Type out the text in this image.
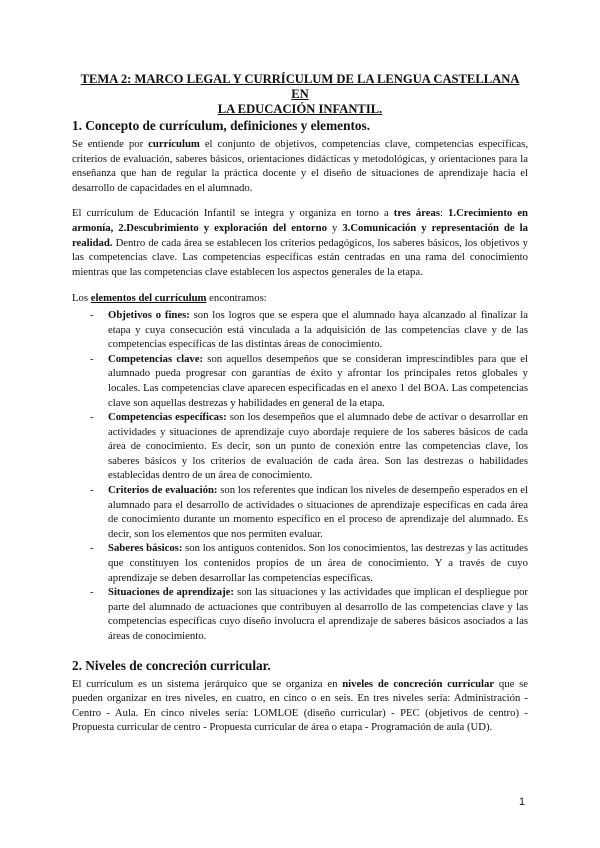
TEMA 2: MARCO LEGAL Y CURRÍCULUM DE LA LENGUA CASTELLANA EN
LA EDUCACIÓN INFANTIL.
1. Concepto de currículum, definiciones y elementos.

Se entiende por currículum el conjunto de objetivos, competencias clave, competencias específicas, criterios de evaluación, saberes básicos, orientaciones didácticas y metodológicas, y orientaciones para la enseñanza que han de regular la práctica docente y el diseño de situaciones de aprendizaje hacia el desarrollo de capacidades en el alumnado.

El currículum de Educación Infantil se integra y organiza en torno a tres áreas: 1.Crecimiento en armonía, 2.Descubrimiento y exploración del entorno y 3.Comunicación y representación de la realidad. Dentro de cada área se establecen los criterios pedagógicos, los saberes básicos, los objetivos y las competencias clave. Las competencias específicas están centradas en una rama del conocimiento mientras que las competencias clave establecen los aspectos generales de la etapa.

Los elementos del currículum encontramos:

- Objetivos o fines: son los logros que se espera que el alumnado haya alcanzado al finalizar la etapa y cuya consecución está vinculada a la adquisición de las competencias clave y de las competencias específicas de las distintas áreas de conocimiento.
- Competencias clave: son aquellos desempeños que se consideran imprescindibles para que el alumnado pueda progresar con garantías de éxito y afrontar los principales retos globales y locales. Las competencias clave aparecen especificadas en el anexo 1 del BOA. Las competencias clave son aquellas destrezas y habilidades en general de la etapa.
- Competencias específicas: son los desempeños que el alumnado debe de activar o desarrollar en actividades y situaciones de aprendizaje cuyo abordaje requiere de los saberes básicos de cada área de conocimiento. Es decir, son un punto de conexión entre las competencias clave, los saberes básicos y los criterios de evaluación de cada área. Son las destrezas o habilidades establecidas dentro de un área de conocimiento.
- Criterios de evaluación: son los referentes que indican los niveles de desempeño esperados en el alumnado para el desarrollo de actividades o situaciones de aprendizaje específicas en cada área de conocimiento durante un momento específico en el proceso de aprendizaje del alumnado. Es decir, son los elementos que nos permiten evaluar.
- Saberes básicos: son los antiguos contenidos. Son los conocimientos, las destrezas y las actitudes que constituyen los contenidos propios de un área de conocimiento. Y a través de cuyo aprendizaje se deben desarrollar las competencias específicas.
- Situaciones de aprendizaje: son las situaciones y las actividades que implican el despliegue por parte del alumnado de actuaciones que contribuyen al desarrollo de las competencias clave y las competencias específicas cuyo diseño involucra el aprendizaje de saberes básicos asociados a las áreas de conocimiento.
2. Niveles de concreción curricular.

El currículum es un sistema jerárquico que se organiza en niveles de concreción curricular que se pueden organizar en tres niveles, en cuatro, en cinco o en seis. En tres niveles sería: Administración - Centro - Aula. En cinco niveles sería: LOMLOE (diseño curricular) - PEC (objetivos de centro) - Propuesta curricular de centro - Propuesta curricular de área o etapa - Programación de aula (UD).

1
